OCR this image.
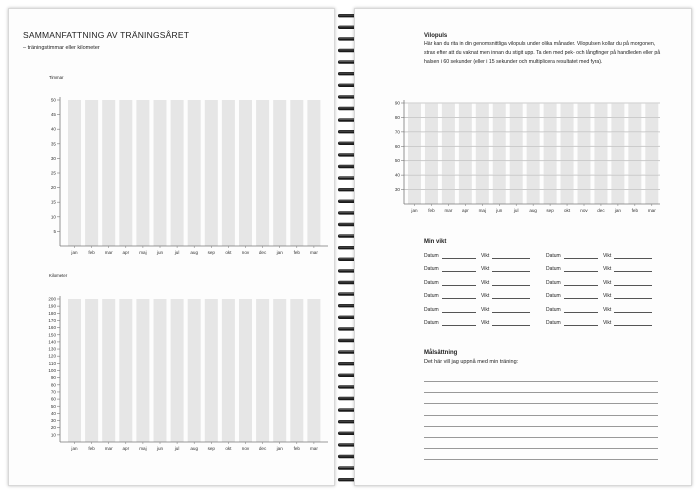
SAMMANFATTNING AV TRÄNINGSÅRET
– träningstimmar eller kilometer
Timmar
5
10
15
20
25
30
35
40
45
50
jan feb mar apr maj jun	jul aug sep okt nov dec jan feb mar
Kilometer
10
20
30
40
50
60
70
80
90
100
110
120
130
140
150
160
170
180
190
200
jan feb mar apr maj jun	jul aug sep okt nov dec jan feb mar
Vilopuls
Här kan du rita in din genomsnittliga vilopuls under olika månader. Vilopulsen kollar du på morgonen, strax efter att du vaknat men innan du stigit upp. Ta den med pek- och långfinger på handleden eller på halsen i 60 sekunder (eller i 15 sekunder och multiplicera resultatet med fyra).
30
40
50
60
70
80
90
jan feb mar apr maj jun	jul aug sep okt nov dec jan feb mar
Min vikt
Datum	Vikt	Datum	Vikt
Datum	Vikt	Datum	Vikt
Datum	Vikt	Datum	Vikt
Datum	Vikt	Datum	Vikt
Datum	Vikt	Datum	Vikt
Datum	Vikt	Datum	Vikt
Målsättning
Det här vill jag uppnå med min träning:
